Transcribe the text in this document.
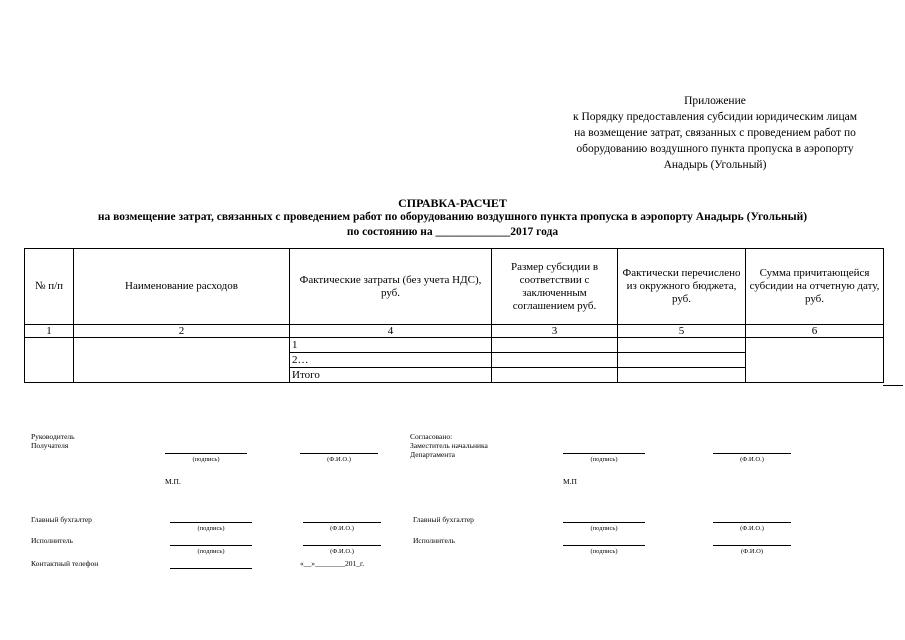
Приложение
к Порядку предоставления субсидии юридическим лицам
на возмещение затрат, связанных с проведением работ по
оборудованию воздушного пункта пропуска в аэропорту
Анадырь (Угольный)
СПРАВКА-РАСЧЕТ
на возмещение затрат, связанных с проведением работ по оборудованию воздушного пункта пропуска в аэропорту Анадырь (Угольный)
по состоянию на _____________2017 года
№ п/п	Наименование расходов	Фактические затраты (без учета НДС), руб.	Размер субсидии в соответствии с заключенным соглашением руб.	Фактически перечислено из окружного бюджета, руб.	Сумма причитающейся субсидии на отчетную дату, руб.
1	2	4	3	5	6
		1			
		2…			
		Итого			
Руководитель
Получателя
(подпись)	(Ф.И.О.)
М.П.
Главный бухгалтер
(подпись)	(Ф.И.О.)
Исполнитель
(подпись)	(Ф.И.О.)
Контактный телефон	«__»________201_г.
Согласовано:
Заместитель начальника
Департамента
(подпись)	(Ф.И.О.)
М.П
Главный бухгалтер
(подпись)	(Ф.И.О.)
Исполнитель
(подпись)	(Ф.И.О)
